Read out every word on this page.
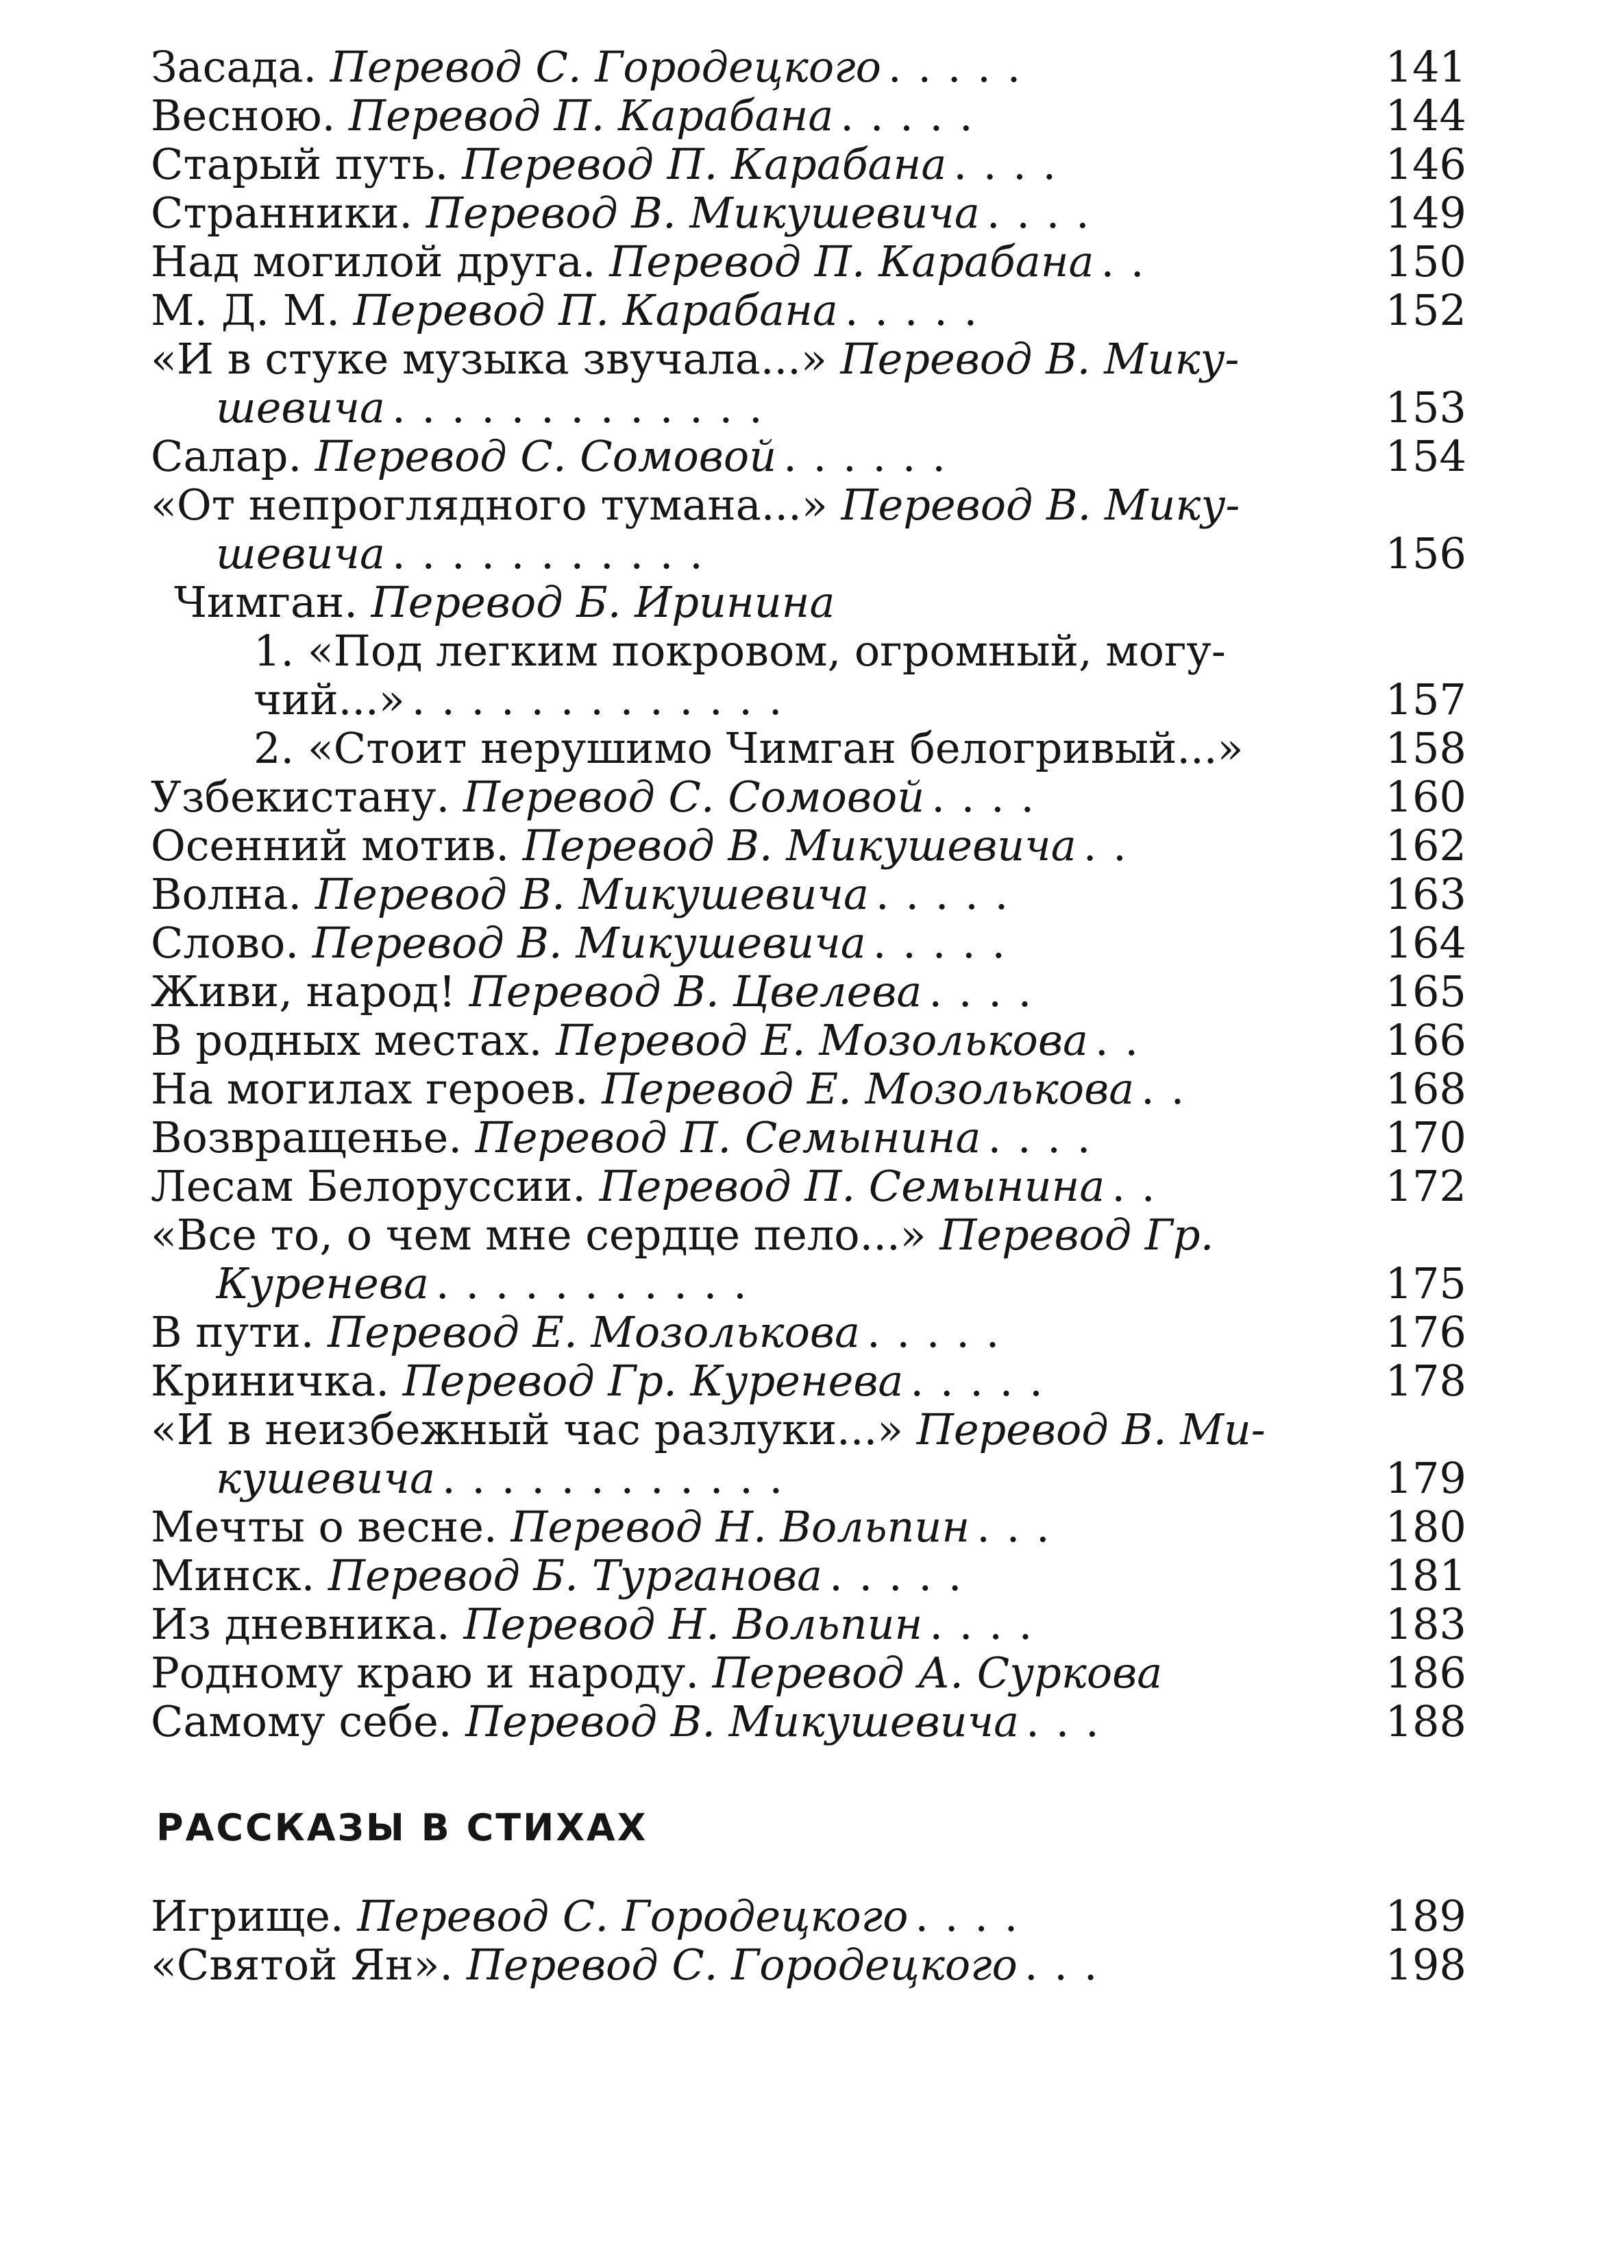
Засада. Перевод С. Городецкого . . . . .	141
Весною. Перевод П. Карабана . . . . .	144
Старый путь. Перевод П. Карабана . . . .	146
Странники. Перевод В. Микушевича . . . .	149
Над могилой друга. Перевод П. Карабана . .	150
М. Д. М. Перевод П. Карабана . . . . .	152
«И в стуке музыка звучала...» Перевод В. Мику-
шевича . . . . . . . . . . . . .	153
Салар. Перевод С. Сомовой . . . . . .	154
«От непроглядного тумана...» Перевод В. Мику-
шевича . . . . . . . . . . .	156
Чимган. Перевод Б. Иринина
1. «Под легким покровом, огромный, могу-
чий...» . . . . . . . . . . . . .	157
2. «Стоит нерушимо Чимган белогривый...»	158
Узбекистану. Перевод С. Сомовой . . . .	160
Осенний мотив. Перевод В. Микушевича . .	162
Волна. Перевод В. Микушевича . . . . .	163
Слово. Перевод В. Микушевича . . . . .	164
Живи, народ! Перевод В. Цвелева . . . .	165
В родных местах. Перевод Е. Мозолькова . .	166
На могилах героев. Перевод Е. Мозолькова . .	168
Возвращенье. Перевод П. Семынина . . . .	170
Лесам Белоруссии. Перевод П. Семынина . .	172
«Все то, о чем мне сердце пело...» Перевод Гр.
Куренева . . . . . . . . . . .	175
В пути. Перевод Е. Мозолькова . . . . .	176
Криничка. Перевод Гр. Куренева . . . . .	178
«И в неизбежный час разлуки...» Перевод В. Ми-
кушевича . . . . . . . . . . . .	179
Мечты о весне. Перевод Н. Вольпин . . .	180
Минск. Перевод Б. Турганова . . . . .	181
Из дневника. Перевод Н. Вольпин . . . .	183
Родному краю и народу. Перевод А. Суркова	186
Самому себе. Перевод В. Микушевича . . .	188
РАССКАЗЫ В СТИХАХ
Игрище. Перевод С. Городецкого . . . .	189
«Святой Ян». Перевод С. Городецкого . . .	198
